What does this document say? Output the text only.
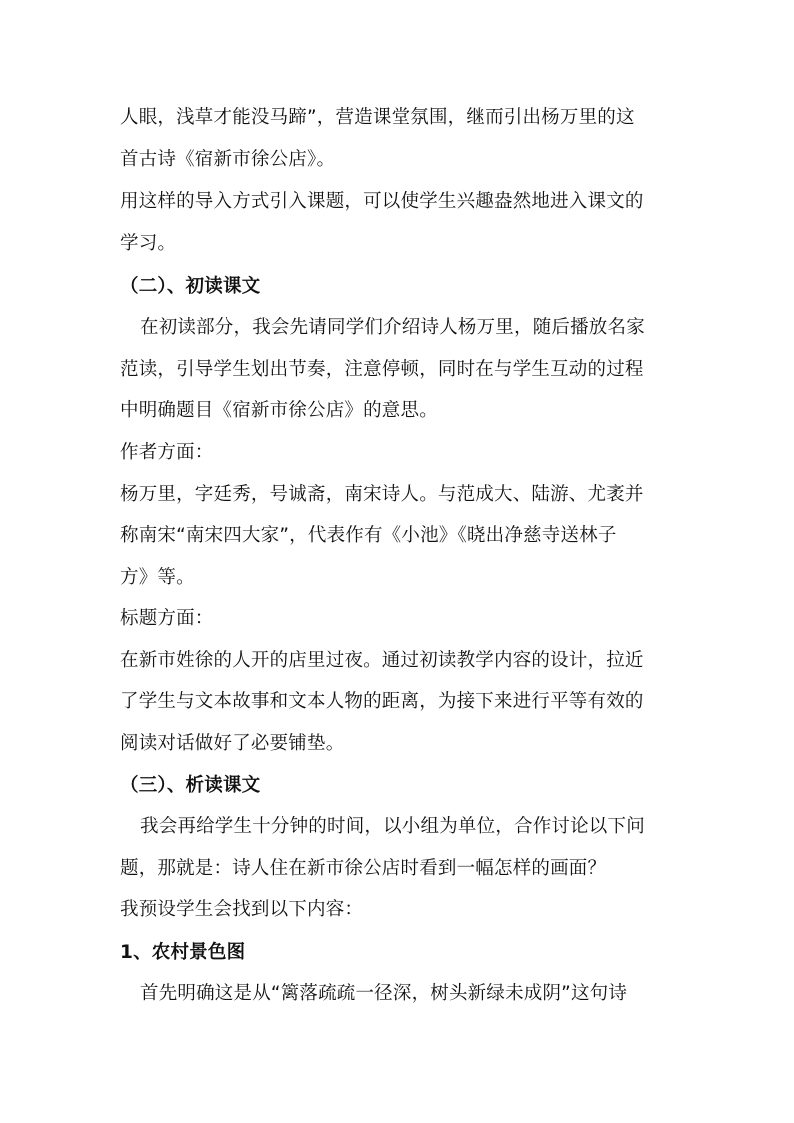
人眼，浅草才能没马蹄”，营造课堂氛围，继而引出杨万里的这
首古诗《宿新市徐公店》。
用这样的导入方式引入课题，可以使学生兴趣盎然地进入课文的
学习。
（二）、初读课文
在初读部分，我会先请同学们介绍诗人杨万里，随后播放名家
范读，引导学生划出节奏，注意停顿，同时在与学生互动的过程
中明确题目《宿新市徐公店》的意思。
作者方面：
杨万里，字廷秀，号诚斋，南宋诗人。与范成大、陆游、尤袤并
称南宋“南宋四大家”，代表作有《小池》《晓出净慈寺送林子
方》等。
标题方面：
在新市姓徐的人开的店里过夜。通过初读教学内容的设计，拉近
了学生与文本故事和文本人物的距离，为接下来进行平等有效的
阅读对话做好了必要铺垫。
（三）、析读课文
我会再给学生十分钟的时间，以小组为单位，合作讨论以下问
题，那就是：诗人住在新市徐公店时看到一幅怎样的画面？
我预设学生会找到以下内容：
1、农村景色图
首先明确这是从“篱落疏疏一径深，树头新绿未成阴”这句诗
